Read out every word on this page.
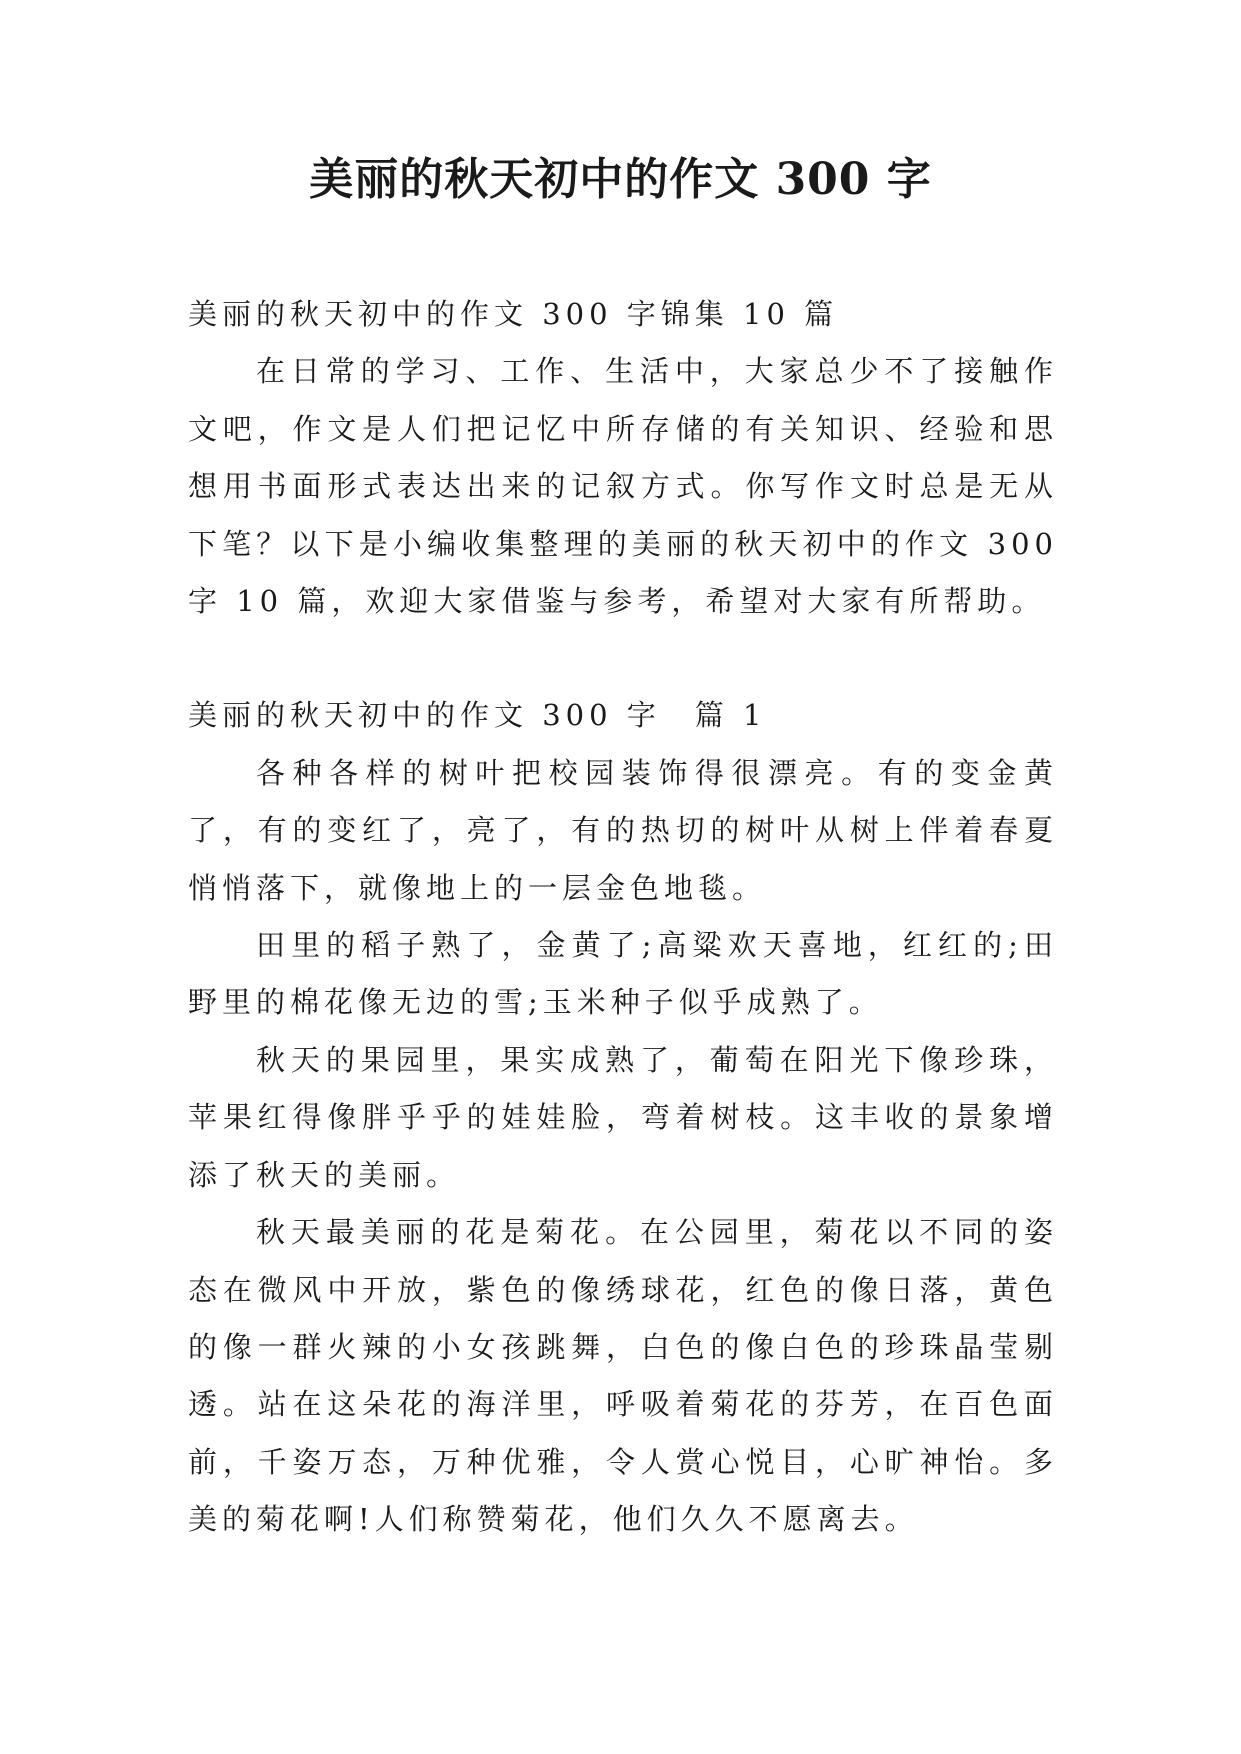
美丽的秋天初中的作文 300 字

美丽的秋天初中的作文 300 字锦集 10 篇

在日常的学习、工作、生活中，大家总少不了接触作文吧，作文是人们把记忆中所存储的有关知识、经验和思想用书面形式表达出来的记叙方式。你写作文时总是无从下笔？以下是小编收集整理的美丽的秋天初中的作文 300 字 10 篇，欢迎大家借鉴与参考，希望对大家有所帮助。

美丽的秋天初中的作文 300 字　篇 1

各种各样的树叶把校园装饰得很漂亮。有的变金黄了，有的变红了，亮了，有的热切的树叶从树上伴着春夏悄悄落下，就像地上的一层金色地毯。

田里的稻子熟了，金黄了;高粱欢天喜地，红红的;田野里的棉花像无边的雪;玉米种子似乎成熟了。

秋天的果园里，果实成熟了，葡萄在阳光下像珍珠，苹果红得像胖乎乎的娃娃脸，弯着树枝。这丰收的景象增添了秋天的美丽。

秋天最美丽的花是菊花。在公园里，菊花以不同的姿态在微风中开放，紫色的像绣球花，红色的像日落，黄色的像一群火辣的小女孩跳舞，白色的像白色的珍珠晶莹剔透。站在这朵花的海洋里，呼吸着菊花的芬芳，在百色面前，千姿万态，万种优雅，令人赏心悦目，心旷神怡。多美的菊花啊!人们称赞菊花，他们久久不愿离去。
